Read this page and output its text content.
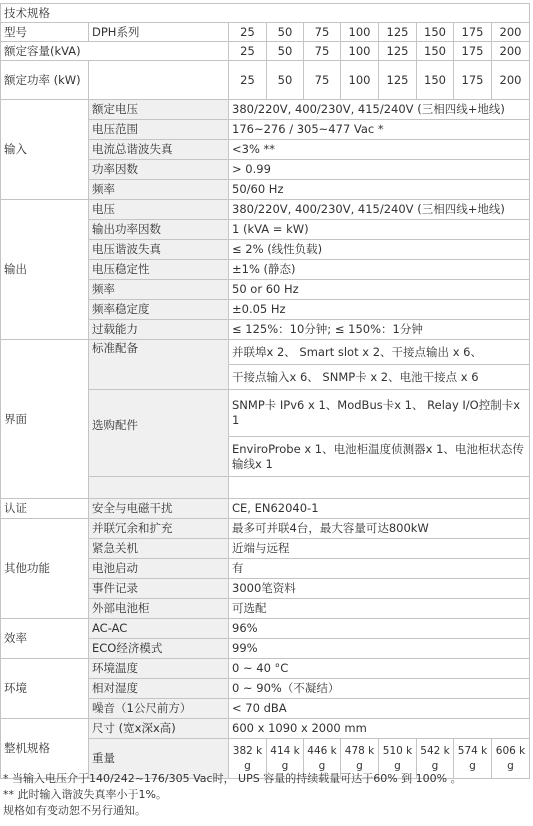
技术规格									
型号	DPH系列	25	50	75	100	125	150	175	200
额定容量(kVA)		25	50	75	100	125	150	175	200
额定功率 (kW)		25	50	75	100	125	150	175	200
输入	额定电压	380/220V, 400/230V, 415/240V (三相四线+地线)							
	电压范围	176~276 / 305~477 Vac *							
	电流总谐波失真	<3% **							
	功率因数	> 0.99							
	频率	50/60 Hz							
输出	电压	380/220V, 400/230V, 415/240V (三相四线+地线)							
	输出功率因数	1 (kVA = kW)							
	电压谐波失真	≤ 2% (线性负载)							
	电压稳定性	±1% (静态)							
	频率	50 or 60 Hz							
	频率稳定度	±0.05 Hz							
	过载能力	≤ 125%：10分钟; ≤ 150%：1分钟							
界面	标准配备	并联埠x 2、 Smart slot x 2、干接点输出 x 6、							
		干接点输入x 6、 SNMP卡 x 2、电池干接点 x 6							
	选购配件	SNMP卡 IPv6 x 1、ModBus卡x 1、 Relay I/O控制卡x 1							
		EnviroProbe x 1、电池柜温度侦测器x 1、电池柜状态传输线x 1							

认证	安全与电磁干扰	CE, EN62040-1							
其他功能	并联冗余和扩充	最多可并联4台，最大容量可达800kW							
	紧急关机	近端与远程							
	电池启动	有							
	事件记录	3000笔资料							
	外部电池柜	可选配							
效率	AC-AC	96%							
	ECO经济模式	99%							
环境	环境温度	0 ~ 40 °C							
	相对湿度	0 ~ 90%（不凝结）							
	噪音（1公尺前方）	< 70 dBA							
整机规格	尺寸 (宽x深x高)	600 x 1090 x 2000 mm							
	重量	382 kg	414 kg	446 kg	478 kg	510 kg	542 kg	574 kg	606 kg
* 当输入电压介于140/242~176/305 Vac时， UPS 容量的持续载量可达于60% 到 100% 。
** 此时输入谐波失真率小于1%。
规格如有变动恕不另行通知。
